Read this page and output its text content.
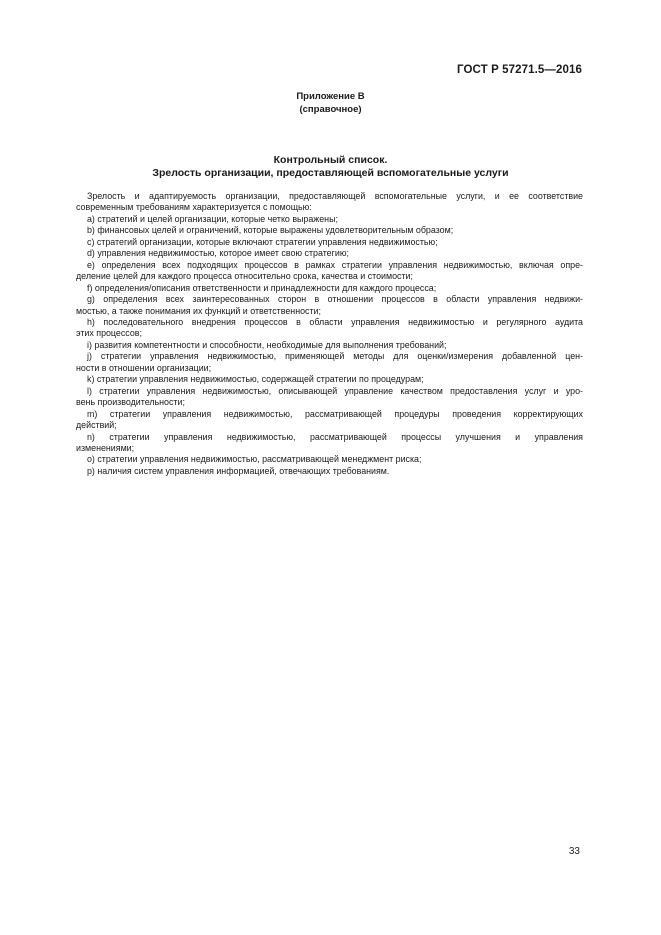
ГОСТ Р 57271.5—2016
Приложение В
(справочное)
Контрольный список.
Зрелость организации, предоставляющей вспомогательные услуги
Зрелость и адаптируемость организации, предоставляющей вспомогательные услуги, и ее соответствие
современным требованиям характеризуется с помощью:
a) стратегий и целей организации, которые четко выражены;
b) финансовых целей и ограничений, которые выражены удовлетворительным образом;
c) стратегий организации, которые включают стратегии управления недвижимостью;
d) управления недвижимостью, которое имеет свою стратегию;
e) определения всех подходящих процессов в рамках стратегии управления недвижимостью, включая опре-
деление целей для каждого процесса относительно срока, качества и стоимости;
f) определения/описания ответственности и принадлежности для каждого процесса;
g) определения всех заинтересованных сторон в отношении процессов в области управления недвижи-
мостью, а также понимания их функций и ответственности;
h) последовательного внедрения процессов в области управления недвижимостью и регулярного аудита
этих процессов;
i) развития компетентности и способности, необходимые для выполнения требований;
j) стратегии управления недвижимостью, применяющей методы для оценки/измерения добавленной цен-
ности в отношении организации;
k) стратегии управления недвижимостью, содержащей стратегии по процедурам;
l) стратегии управления недвижимостью, описывающей управление качеством предоставления услуг и уро-
вень производительности;
m) стратегии управления недвижимостью, рассматривающей процедуры проведения корректирующих
действий;
n) стратегии управления недвижимостью, рассматривающей процессы улучшения и управления
изменениями;
o) стратегии управления недвижимостью, рассматривающей менеджмент риска;
p) наличия систем управления информацией, отвечающих требованиям.
33
